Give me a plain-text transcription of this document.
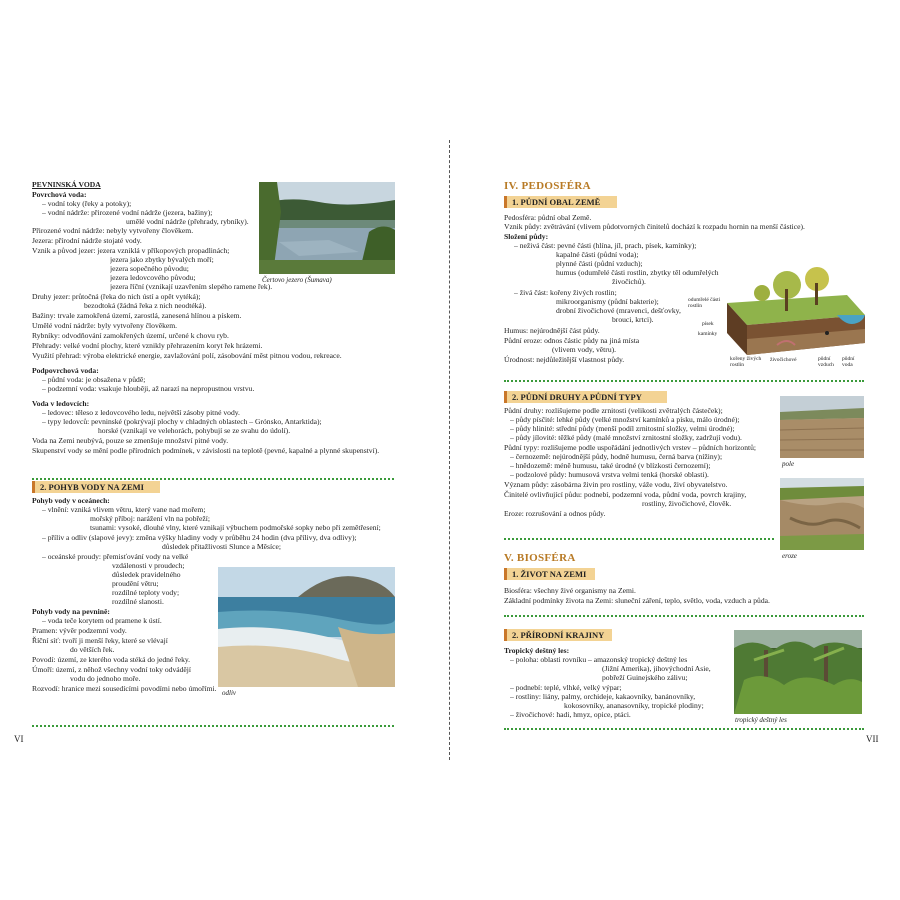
PEVNINSKÁ VODA
Povrchová voda:
– vodní toky (řeky a potoky);
– vodní nádrže: přirozené vodní nádrže (jezera, bažiny);
umělé vodní nádrže (přehrady, rybníky).
Přirozené vodní nádrže: nebyly vytvořeny člověkem.
Jezera: přírodní nádrže stojaté vody.
Vznik a původ jezer: jezera vzniklá v příkopových propadlinách;
jezera jako zbytky bývalých moří;
jezera sopečného původu;
jezera ledovcového původu;
jezera říční (vznikají uzavřením slepého ramene řek).
Druhy jezer: průtočná (řeka do nich ústí a opět vytéká);
bezodtoká (žádná řeka z nich neodtéká).
Bažiny: trvale zamokřená území, zarostlá, zanesená hlínou a pískem.
Umělé vodní nádrže: byly vytvořeny člověkem.
Rybníky: odvodňování zamokřených území, určené k chovu ryb.
Přehrady: velké vodní plochy, které vznikly přehrazením koryt řek hrázemi.
Využití přehrad: výroba elektrické energie, zavlažování polí, zásobování měst pitnou vodou, rekreace.
Podpovrchová voda:
– půdní voda: je obsažena v půdě;
– podzemní voda: vsakuje hlouběji, až narazí na nepropustnou vrstvu.
Voda v ledovcích:
– ledovec: těleso z ledovcového ledu, největší zásoby pitné vody.
– typy ledovců: pevninské (pokrývají plochy v chladných oblastech – Grónsko, Antarktida);
horské (vznikají ve velehorách, pohybují se ze svahu do údolí).
Voda na Zemi neubývá, pouze se zmenšuje množství pitné vody.
Skupenství vody se mění podle přírodních podmínek, v závislosti na teplotě (pevné, kapalné a plynné skupenství).
Pohyb vody v oceánech:
– vlnění: vzniká vlivem větru, který vane nad mořem;
mořský příboj: narážení vln na pobřeží;
tsunami: vysoké, dlouhé vlny, které vznikají výbuchem podmořské sopky nebo při zemětřesení;
– příliv a odliv (slapové jevy): změna výšky hladiny vody v průběhu 24 hodin (dva přílivy, dva odlivy);
důsledek přitažlivosti Slunce a Měsíce;
– oceánské proudy: přemisťování vody na velké
vzdálenosti v proudech;
důsledek pravidelného
proudění větru;
rozdílné teploty vody;
rozdílné slanosti.
Pohyb vody na pevnině:
– voda teče korytem od pramene k ústí.
Pramen: vývěr podzemní vody.
Říční síť: tvoří ji menší řeky, které se vlévají
do větších řek.
Povodí: území, ze kterého voda stéká do jedné řeky.
Úmoří: území, z něhož všechny vodní toky odvádějí
vodu do jednoho moře.
Rozvodí: hranice mezi sousedícími povodími nebo úmořími.
Čertovo jezero (Šumava)
2. POHYB VODY NA ZEMI
odliv
VI
IV. PEDOSFÉRA
1. PŮDNÍ OBAL ZEMĚ
Pedosféra: půdní obal Země.
Vznik půdy: zvětrávání (vlivem půdotvorných činitelů dochází k rozpadu hornin na menší částice).
Složení půdy:
– neživá část: pevné části (hlína, jíl, prach, písek, kamínky);
kapalné části (půdní voda);
plynné části (půdní vzduch);
humus (odumřelé části rostlin, zbytky těl odumřelých
živočichů).
– živá část: kořeny živých rostlin;
mikroorganismy (půdní bakterie);
drobní živočichové (mravenci, dešťovky,
brouci, krtci).
Humus: nejúrodnější část půdy.
Půdní eroze: odnos částic půdy na jiná místa
(vlivem vody, větru).
Úrodnost: nejdůležitější vlastnost půdy.
Půdní druhy: rozlišujeme podle zrnitosti (velikosti zvětralých částeček);
– půdy písčité: lehké půdy (velké množství kamínků a písku, málo úrodné);
– půdy hlinité: střední půdy (menší podíl zrnitostní složky, velmi úrodné);
– půdy jílovité: těžké půdy (malé množství zrnitostní složky, zadržují vodu).
Půdní typy: rozlišujeme podle uspořádání jednotlivých vrstev – půdních horizontů;
– černozemě: nejúrodnější půdy, hodně humusu, černá barva (nížiny);
– hnědozemě: méně humusu, také úrodné (v blízkosti černozemí);
– podzolové půdy: humusová vrstva velmi tenká (horské oblasti).
Význam půdy: zásobárna živin pro rostliny, váže vodu, živí obyvatelstvo.
Činitelé ovlivňující půdu: podnebí, podzemní voda, půdní voda, povrch krajiny,
rostliny, živočichové, člověk.
Eroze: rozrušování a odnos půdy.
Biosféra: všechny živé organismy na Zemi.
Základní podmínky života na Zemi: sluneční záření, teplo, světlo, voda, vzduch a půda.
Tropický deštný les:
– poloha: oblasti rovníku – amazonský tropický deštný les
(Jižní Amerika), jihovýchodní Asie,
pobřeží Guinejského zálivu;
– podnebí: teplé, vlhké, velký výpar;
– rostliny: liány, palmy, orchideje, kakaovníky, banánovníky,
kokosovníky, ananasovníky, tropické plodiny;
– živočichové: hadi, hmyz, opice, ptáci.
odumřelé části rostlin
písek
kamínky
kořeny živých rostlin
živočichové	půdní vzduch
půdní voda
2. PŮDNÍ DRUHY A PŮDNÍ TYPY
pole
eroze
V. BIOSFÉRA
1. ŽIVOT NA ZEMI
2. PŘÍRODNÍ KRAJINY
tropický deštný les
VII
